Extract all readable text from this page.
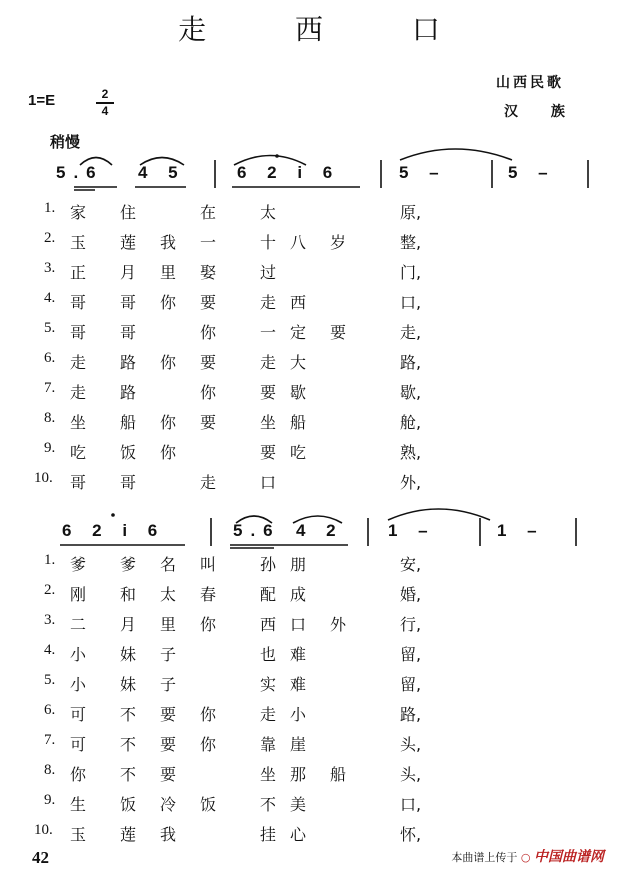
走 西 口
山西民歌
汉 族
1=E	2
4
稍慢
5.6 4 5	6 2 i 6	5 –	5 –
1. 家 住	在	太	原,
2. 玉 莲 我 一	十 八 岁	整,
3. 正 月 里 娶	过	门,
4. 哥 哥 你 要	走 西	口,
5. 哥 哥	你	一 定 要	走,
6. 走 路 你 要	走 大	路,
7. 走 路	你	要 歇	歇,
8. 坐 船 你 要	坐 船	舱,
9. 吃 饭 你	要 吃	熟,
10. 哥 哥	走	口	外,
6 2 i 6	5.6 4 2	1 –	1 –
1. 爹 爹 名 叫	孙 朋	安,
2. 刚 和 太 春	配 成	婚,
3. 二 月 里 你	西 口 外	行,
4. 小 妹 子	也 难	留,
5. 小 妹 子	实 难	留,
6. 可 不 要 你	走 小	路,
7. 可 不 要 你	靠 崖	头,
8. 你 不 要	坐 那 船	头,
9. 生 饭 冷 饭	不 美	口,
10. 玉 莲 我	挂 心	怀,
42	本曲谱上传于 ○ 中国曲谱网
